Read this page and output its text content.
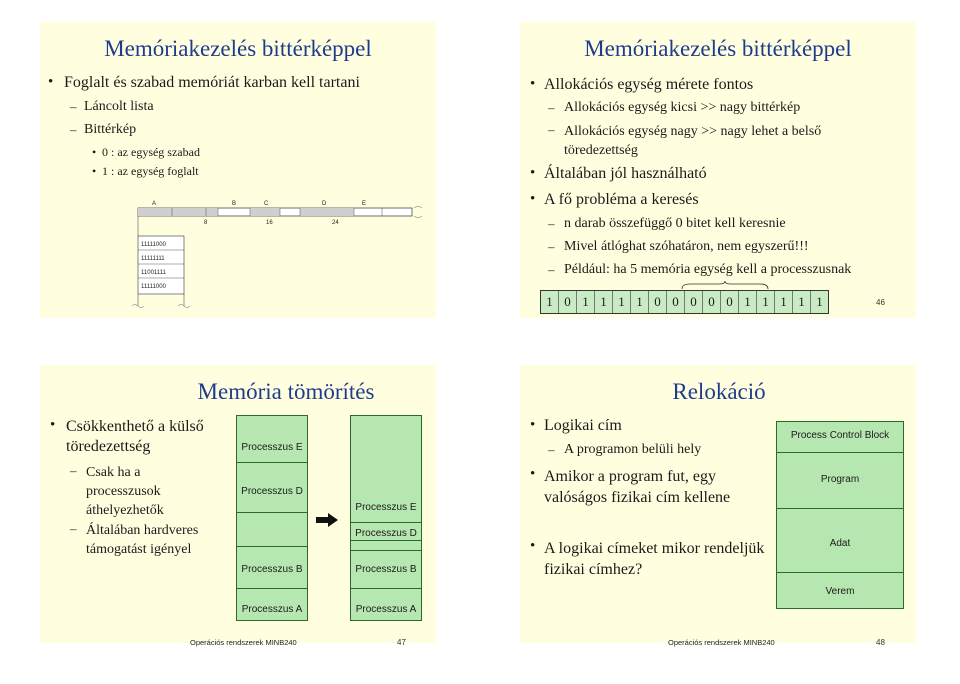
Memóriakezelés bittérképpel
• Foglalt és szabad memóriát karban kell tartani
– Láncolt lista
– Bittérkép
• 0 : az egység szabad
• 1 : az egység foglalt
A	B	C	D	E
8	16	24
11111000
11111111
11001111
11111000
Memóriakezelés bittérképpel
• Allokációs egység mérete fontos
– Allokációs egység kicsi >> nagy bittérkép
– Allokációs egység nagy >> nagy lehet a belső töredezettség
• Általában jól használható
• A fő probléma a keresés
– n darab összefüggő 0 bitet kell keresnie
– Mivel átlóghat szóhatáron, nem egyszerű!!!
– Például: ha 5 memória egység kell a processzusnak
1 0 1 1 1 1 0 0 0 0 0 1 1 1 1 1	46
Memória tömörítés
• Csökkenthető a külső töredezettség
– Csak ha a processzusok áthelyezhetők
– Általában hardveres támogatást igényel
Processzus E
Processzus D
Processzus B
Processzus A
Processzus E
Processzus D
Processzus B
Processzus A
Operációs rendszerek MINB240	47
Relokáció
• Logikai cím
– A programon belüli hely
• Amikor a program fut, egy valóságos fizikai cím kellene
• A logikai címeket mikor rendeljük fizikai címhez?
Process Control Block
Program
Adat
Verem
Operációs rendszerek MINB240	48
